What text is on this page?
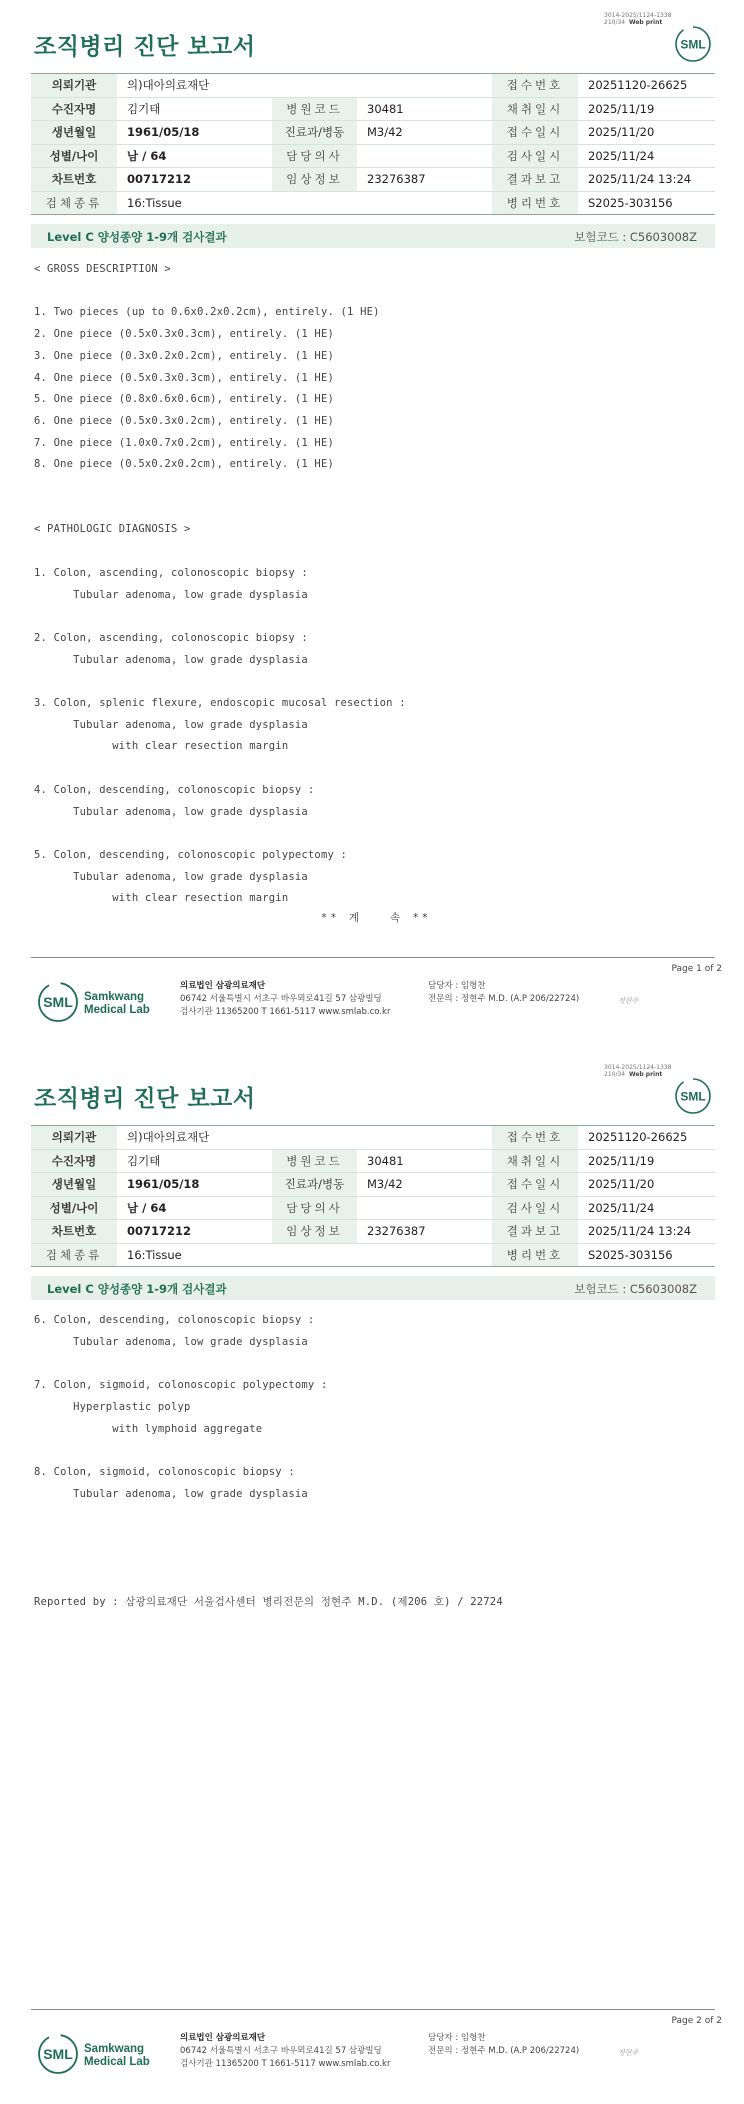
3014-2025/1124-1338
210/34 Web print
조직병리 진단 보고서	SML
의뢰기관	의)대아의료재단			접수번호	20251120-26625
수진자명	김기태	병원코드	30481	채취일시	2025/11/19
생년월일	1961/05/18	진료과/병동	M3/42	접수일시	2025/11/20
성별/나이	남 / 64	담당의사		검사일시	2025/11/24
차트번호	00717212	임상정보	23276387	결과보고	2025/11/24 13:24
검체종류	16:Tissue			병리번호	S2025-303156
Level C 양성종양 1-9개 검사결과	보험코드 : C5603008Z
< GROSS DESCRIPTION >

1. Two pieces (up to 0.6x0.2x0.2cm), entirely. (1 HE)
2. One piece (0.5x0.3x0.3cm), entirely. (1 HE)
3. One piece (0.3x0.2x0.2cm), entirely. (1 HE)
4. One piece (0.5x0.3x0.3cm), entirely. (1 HE)
5. One piece (0.8x0.6x0.6cm), entirely. (1 HE)
6. One piece (0.5x0.3x0.2cm), entirely. (1 HE)
7. One piece (1.0x0.7x0.2cm), entirely. (1 HE)
8. One piece (0.5x0.2x0.2cm), entirely. (1 HE)

< PATHOLOGIC DIAGNOSIS >

1. Colon, ascending, colonoscopic biopsy :
Tubular adenoma, low grade dysplasia

2. Colon, ascending, colonoscopic biopsy :
Tubular adenoma, low grade dysplasia

3. Colon, splenic flexure, endoscopic mucosal resection :
Tubular adenoma, low grade dysplasia
with clear resection margin

4. Colon, descending, colonoscopic biopsy :
Tubular adenoma, low grade dysplasia

5. Colon, descending, colonoscopic polypectomy :
Tubular adenoma, low grade dysplasia
with clear resection margin
** 계   속 **
Page 1 of 2
SML Samkwang
Medical Lab
의료법인 삼광의료재단
06742 서울특별시 서초구 바우뫼로41길 57 삼광빌딩
검사기관 11365200 T 1661-5117 www.smlab.co.kr
담당자 : 임형찬
전문의 : 정현주 M.D. (A.P 206/22724)	정현주
3014-2025/1124-1338
210/34 Web print
조직병리 진단 보고서	SML
의뢰기관	의)대아의료재단			접수번호	20251120-26625
수진자명	김기태	병원코드	30481	채취일시	2025/11/19
생년월일	1961/05/18	진료과/병동	M3/42	접수일시	2025/11/20
성별/나이	남 / 64	담당의사		검사일시	2025/11/24
차트번호	00717212	임상정보	23276387	결과보고	2025/11/24 13:24
검체종류	16:Tissue			병리번호	S2025-303156
Level C 양성종양 1-9개 검사결과	보험코드 : C5603008Z
6. Colon, descending, colonoscopic biopsy :
Tubular adenoma, low grade dysplasia

7. Colon, sigmoid, colonoscopic polypectomy :
Hyperplastic polyp
with lymphoid aggregate

8. Colon, sigmoid, colonoscopic biopsy :
Tubular adenoma, low grade dysplasia

Reported by : 삼광의료재단 서울검사센터 병리전문의 정현주 M.D. (제206 호) / 22724
Page 2 of 2
SML Samkwang
Medical Lab
의료법인 삼광의료재단
06742 서울특별시 서초구 바우뫼로41길 57 삼광빌딩
검사기관 11365200 T 1661-5117 www.smlab.co.kr
담당자 : 임형찬
전문의 : 정현주 M.D. (A.P 206/22724)	정현주
